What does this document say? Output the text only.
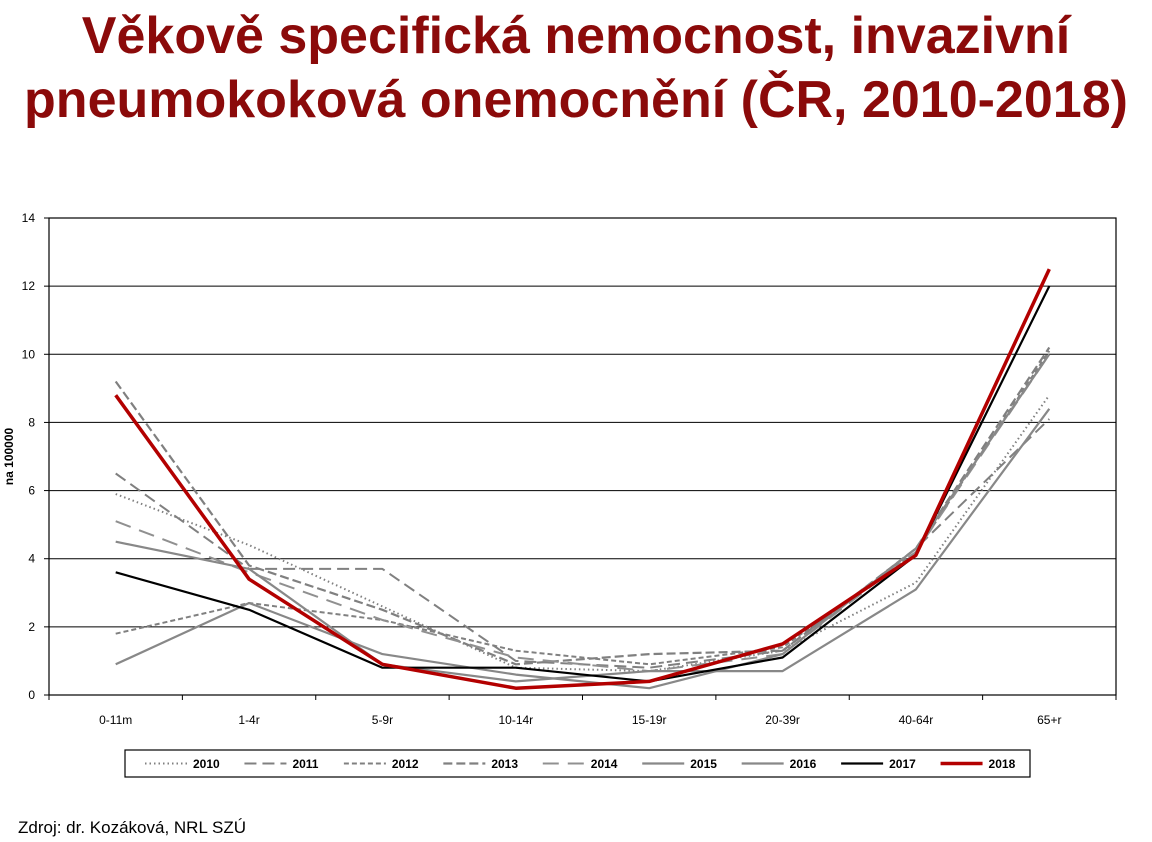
Věkově specifická nemocnost, invazivní
pneumokoková onemocnění (ČR, 2010-2018)
0
2
4
6
8
10
12
14
0-11m	1-4r	5-9r	10-14r	15-19r	20-39r	40-64r	65+r
na 100000
2010	2011	2012	2013	2014	2015	2016	2017	2018
Zdroj: dr. Kozáková, NRL SZÚ
